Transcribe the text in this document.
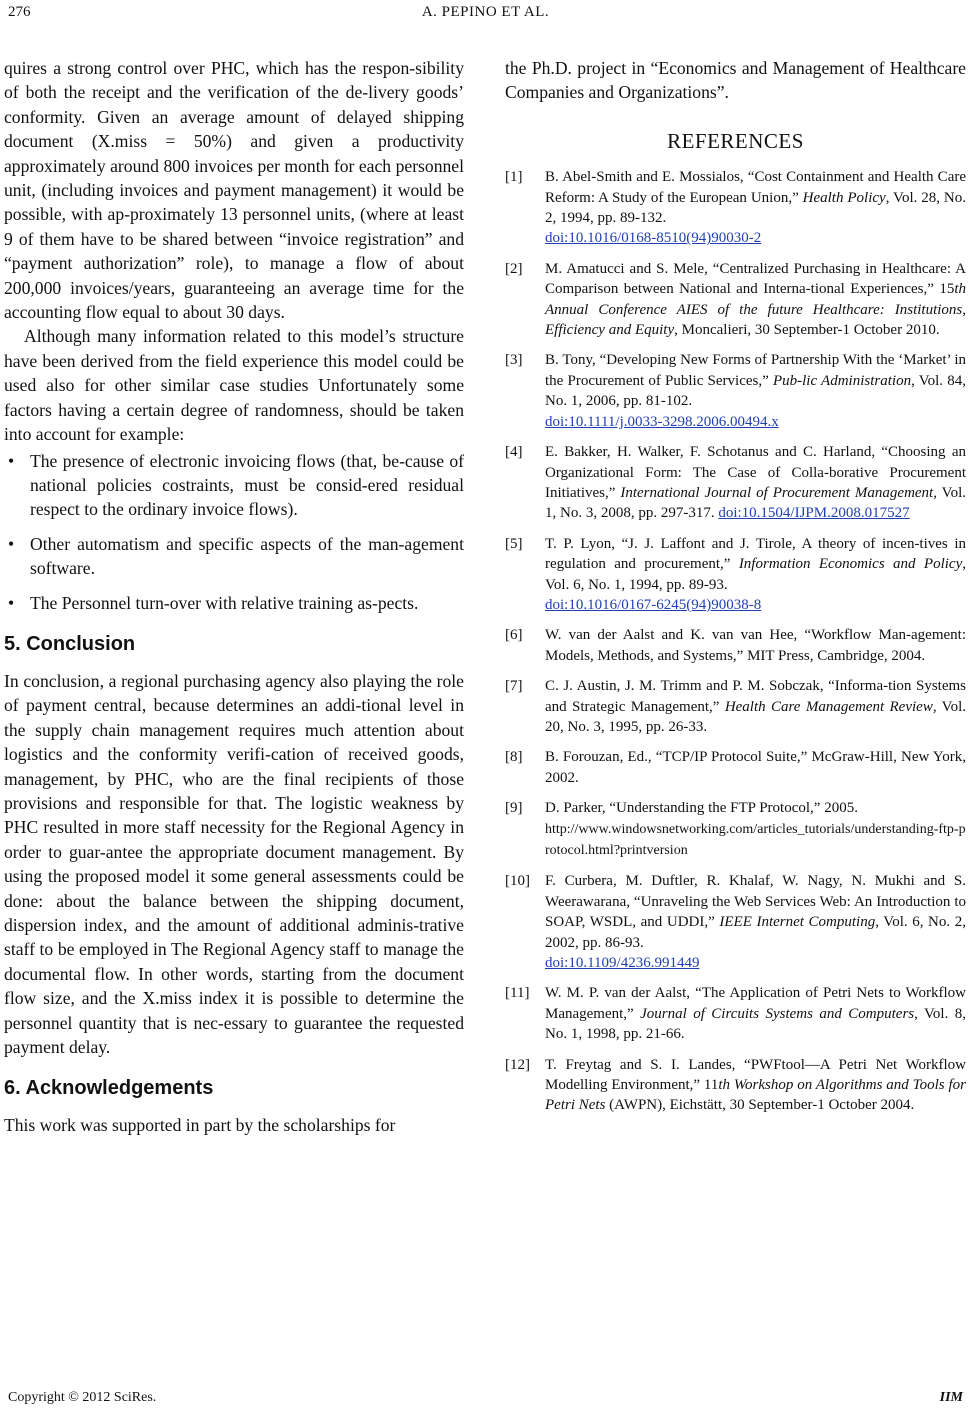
276	A. PEPINO ET AL.

quires a strong control over PHC, which has the respon-sibility of both the receipt and the verification of the de-livery goods’ conformity. Given an average amount of delayed shipping document (X.miss = 50%) and given a productivity approximately around 800 invoices per month for each personnel unit, (including invoices and payment management) it would be possible, with ap-proximately 13 personnel units, (where at least 9 of them have to be shared between “invoice registration” and “payment authorization” role), to manage a flow of about 200,000 invoices/years, guaranteeing an average time for the accounting flow equal to about 30 days.

Although many information related to this model’s structure have been derived from the field experience this model could be used also for other similar case studies Unfortunately some factors having a certain degree of randomness, should be taken into account for example:

• The presence of electronic invoicing flows (that, be-cause of national policies costraints, must be consid-ered residual respect to the ordinary invoice flows).
• Other automatism and specific aspects of the man-agement software.
• The Personnel turn-over with relative training as-pects.
5. Conclusion

In conclusion, a regional purchasing agency also playing the role of payment central, because determines an addi-tional level in the supply chain management requires much attention about logistics and the conformity verifi-cation of received goods, management, by PHC, who are the final recipients of those provisions and responsible for that. The logistic weakness by PHC resulted in more staff necessity for the Regional Agency in order to guar-antee the appropriate document management. By using the proposed model it some general assessments could be done: about the balance between the shipping document, dispersion index, and the amount of additional adminis-trative staff to be employed in The Regional Agency staff to manage the documental flow. In other words, starting from the document flow size, and the X.miss index it is possible to determine the personnel quantity that is nec-essary to guarantee the requested payment delay.

6. Acknowledgements

This work was supported in part by the scholarships for

the Ph.D. project in “Economics and Management of Healthcare Companies and Organizations”.

REFERENCES
[1]	B. Abel-Smith and E. Mossialos, “Cost Containment and Health Care Reform: A Study of the European Union,” Health Policy, Vol. 28, No. 2, 1994, pp. 89-132.
doi:10.1016/0168-8510(94)90030-2
[2]	M. Amatucci and S. Mele, “Centralized Purchasing in Healthcare: A Comparison between National and Interna-tional Experiences,” 15th Annual Conference AIES of the future Healthcare: Institutions, Efficiency and Equity, Moncalieri, 30 September-1 October 2010.
[3]	B. Tony, “Developing New Forms of Partnership With the ‘Market’ in the Procurement of Public Services,” Pub-lic Administration, Vol. 84, No. 1, 2006, pp. 81-102.
doi:10.1111/j.0033-3298.2006.00494.x
[4]	E. Bakker, H. Walker, F. Schotanus and C. Harland, “Choosing an Organizational Form: The Case of Colla-borative Procurement Initiatives,” International Journal of Procurement Management, Vol. 1, No. 3, 2008, pp. 297-317. doi:10.1504/IJPM.2008.017527
[5]	T. P. Lyon, “J. J. Laffont and J. Tirole, A theory of incen-tives in regulation and procurement,” Information Economics and Policy, Vol. 6, No. 1, 1994, pp. 89-93.
doi:10.1016/0167-6245(94)90038-8
[6]	W. van der Aalst and K. van van Hee, “Workflow Man-agement: Models, Methods, and Systems,” MIT Press, Cambridge, 2004.
[7]	C. J. Austin, J. M. Trimm and P. M. Sobczak, “Informa-tion Systems and Strategic Management,” Health Care Management Review, Vol. 20, No. 3, 1995, pp. 26-33.
[8]	B. Forouzan, Ed., “TCP/IP Protocol Suite,” McGraw-Hill, New York, 2002.
[9]	D. Parker, “Understanding the FTP Protocol,” 2005.
http://www.windowsnetworking.com/articles_tutorials/understanding-ftp-protocol.html?printversion
[10]	F. Curbera, M. Duftler, R. Khalaf, W. Nagy, N. Mukhi and S. Weerawarana, “Unraveling the Web Services Web: An Introduction to SOAP, WSDL, and UDDI,” IEEE Internet Computing, Vol. 6, No. 2, 2002, pp. 86-93.
doi:10.1109/4236.991449
[11]	W. M. P. van der Aalst, “The Application of Petri Nets to Workflow Management,” Journal of Circuits Systems and Computers, Vol. 8, No. 1, 1998, pp. 21-66.
[12]	T. Freytag and S. I. Landes, “PWFtool—A Petri Net Workflow Modelling Environment,” 11th Workshop on Algorithms and Tools for Petri Nets (AWPN), Eichstätt, 30 September-1 October 2004.
Copyright © 2012 SciRes.	IIM
